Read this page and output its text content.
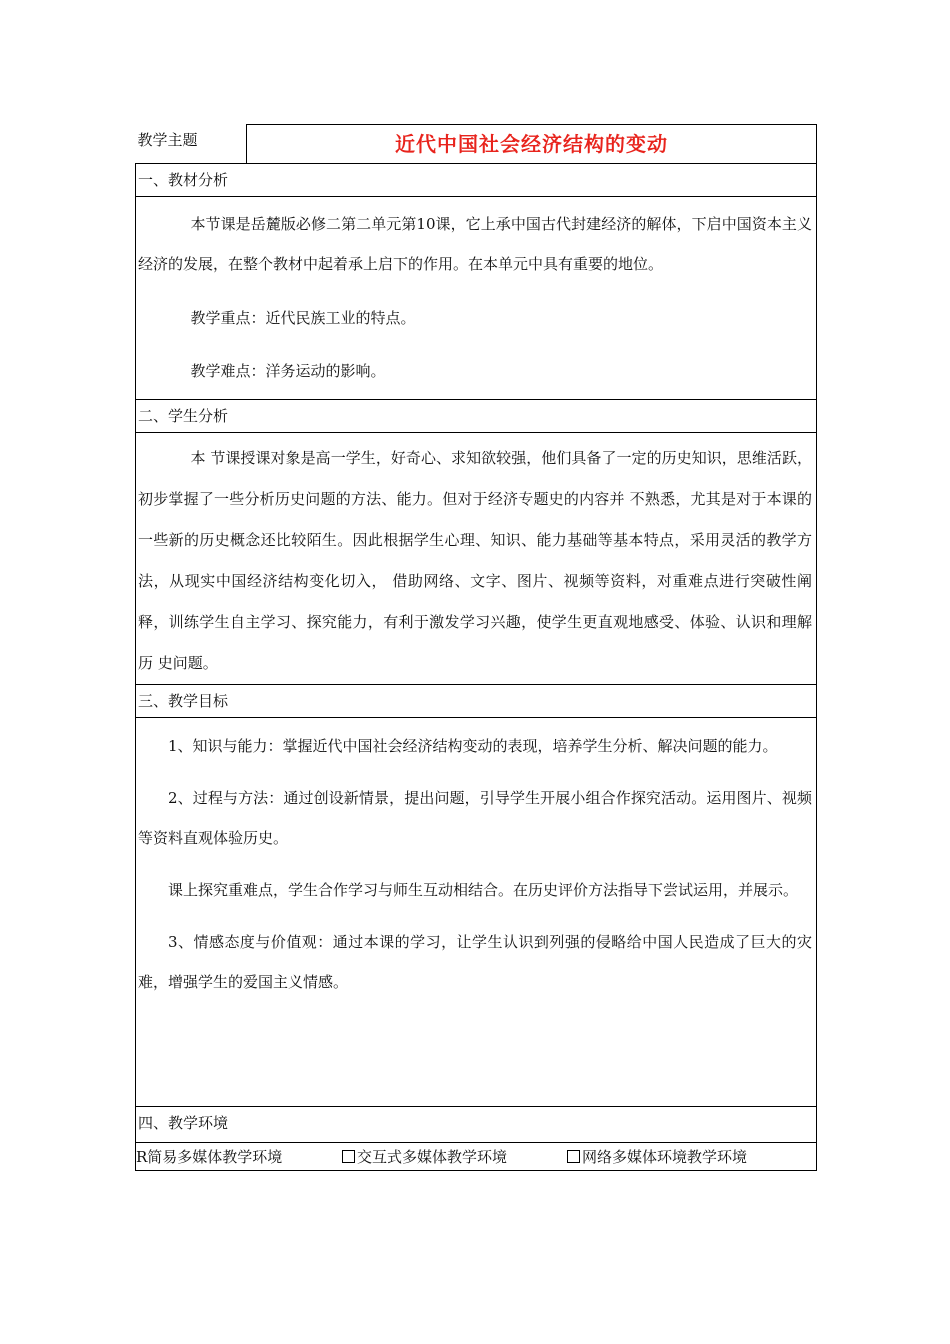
教学主题	近代中国社会经济结构的变动
一、教材分析

本节课是岳麓版必修二第二单元第10课，它上承中国古代封建经济的解体，下启中国资本主义经济的发展，在整个教材中起着承上启下的作用。在本单元中具有重要的地位。

教学重点：近代民族工业的特点。

教学难点：洋务运动的影响。

二、学生分析

本 节课授课对象是高一学生，好奇心、求知欲较强，他们具备了一定的历史知识，思维活跃，初步掌握了一些分析历史问题的方法、能力。但对于经济专题史的内容并 不熟悉，尤其是对于本课的一些新的历史概念还比较陌生。因此根据学生心理、知识、能力基础等基本特点，采用灵活的教学方法，从现实中国经济结构变化切入， 借助网络、文字、图片、视频等资料，对重难点进行突破性阐释，训练学生自主学习、探究能力，有利于激发学习兴趣，使学生更直观地感受、体验、认识和理解历 史问题。

三、教学目标

1、知识与能力：掌握近代中国社会经济结构变动的表现，培养学生分析、解决问题的能力。

2、过程与方法：通过创设新情景，提出问题，引导学生开展小组合作探究活动。运用图片、视频等资料直观体验历史。

课上探究重难点，学生合作学习与师生互动相结合。在历史评价方法指导下尝试运用，并展示。

3、情感态度与价值观：通过本课的学习，让学生认识到列强的侵略给中国人民造成了巨大的灾难，增强学生的爱国主义情感。

四、教学环境
R简易多媒体教学环境	交互式多媒体教学环境	网络多媒体环境教学环境
